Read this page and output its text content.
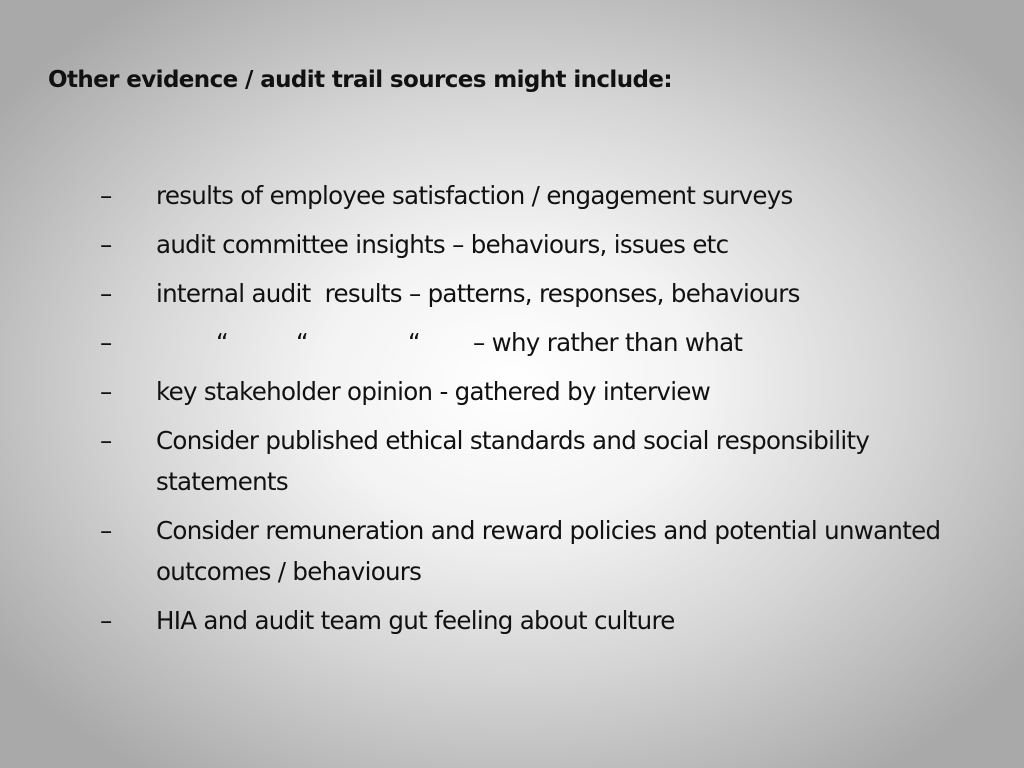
Other evidence / audit trail sources might include:
–	results of employee satisfaction / engagement surveys
–	audit committee insights – behaviours, issues etc
–	internal audit  results – patterns, responses, behaviours
–	“	“	“ – why rather than what
–	key stakeholder opinion - gathered by interview
–	Consider published ethical standards and social responsibility statements
–	Consider remuneration and reward policies and potential unwanted outcomes / behaviours
–	HIA and audit team gut feeling about culture
